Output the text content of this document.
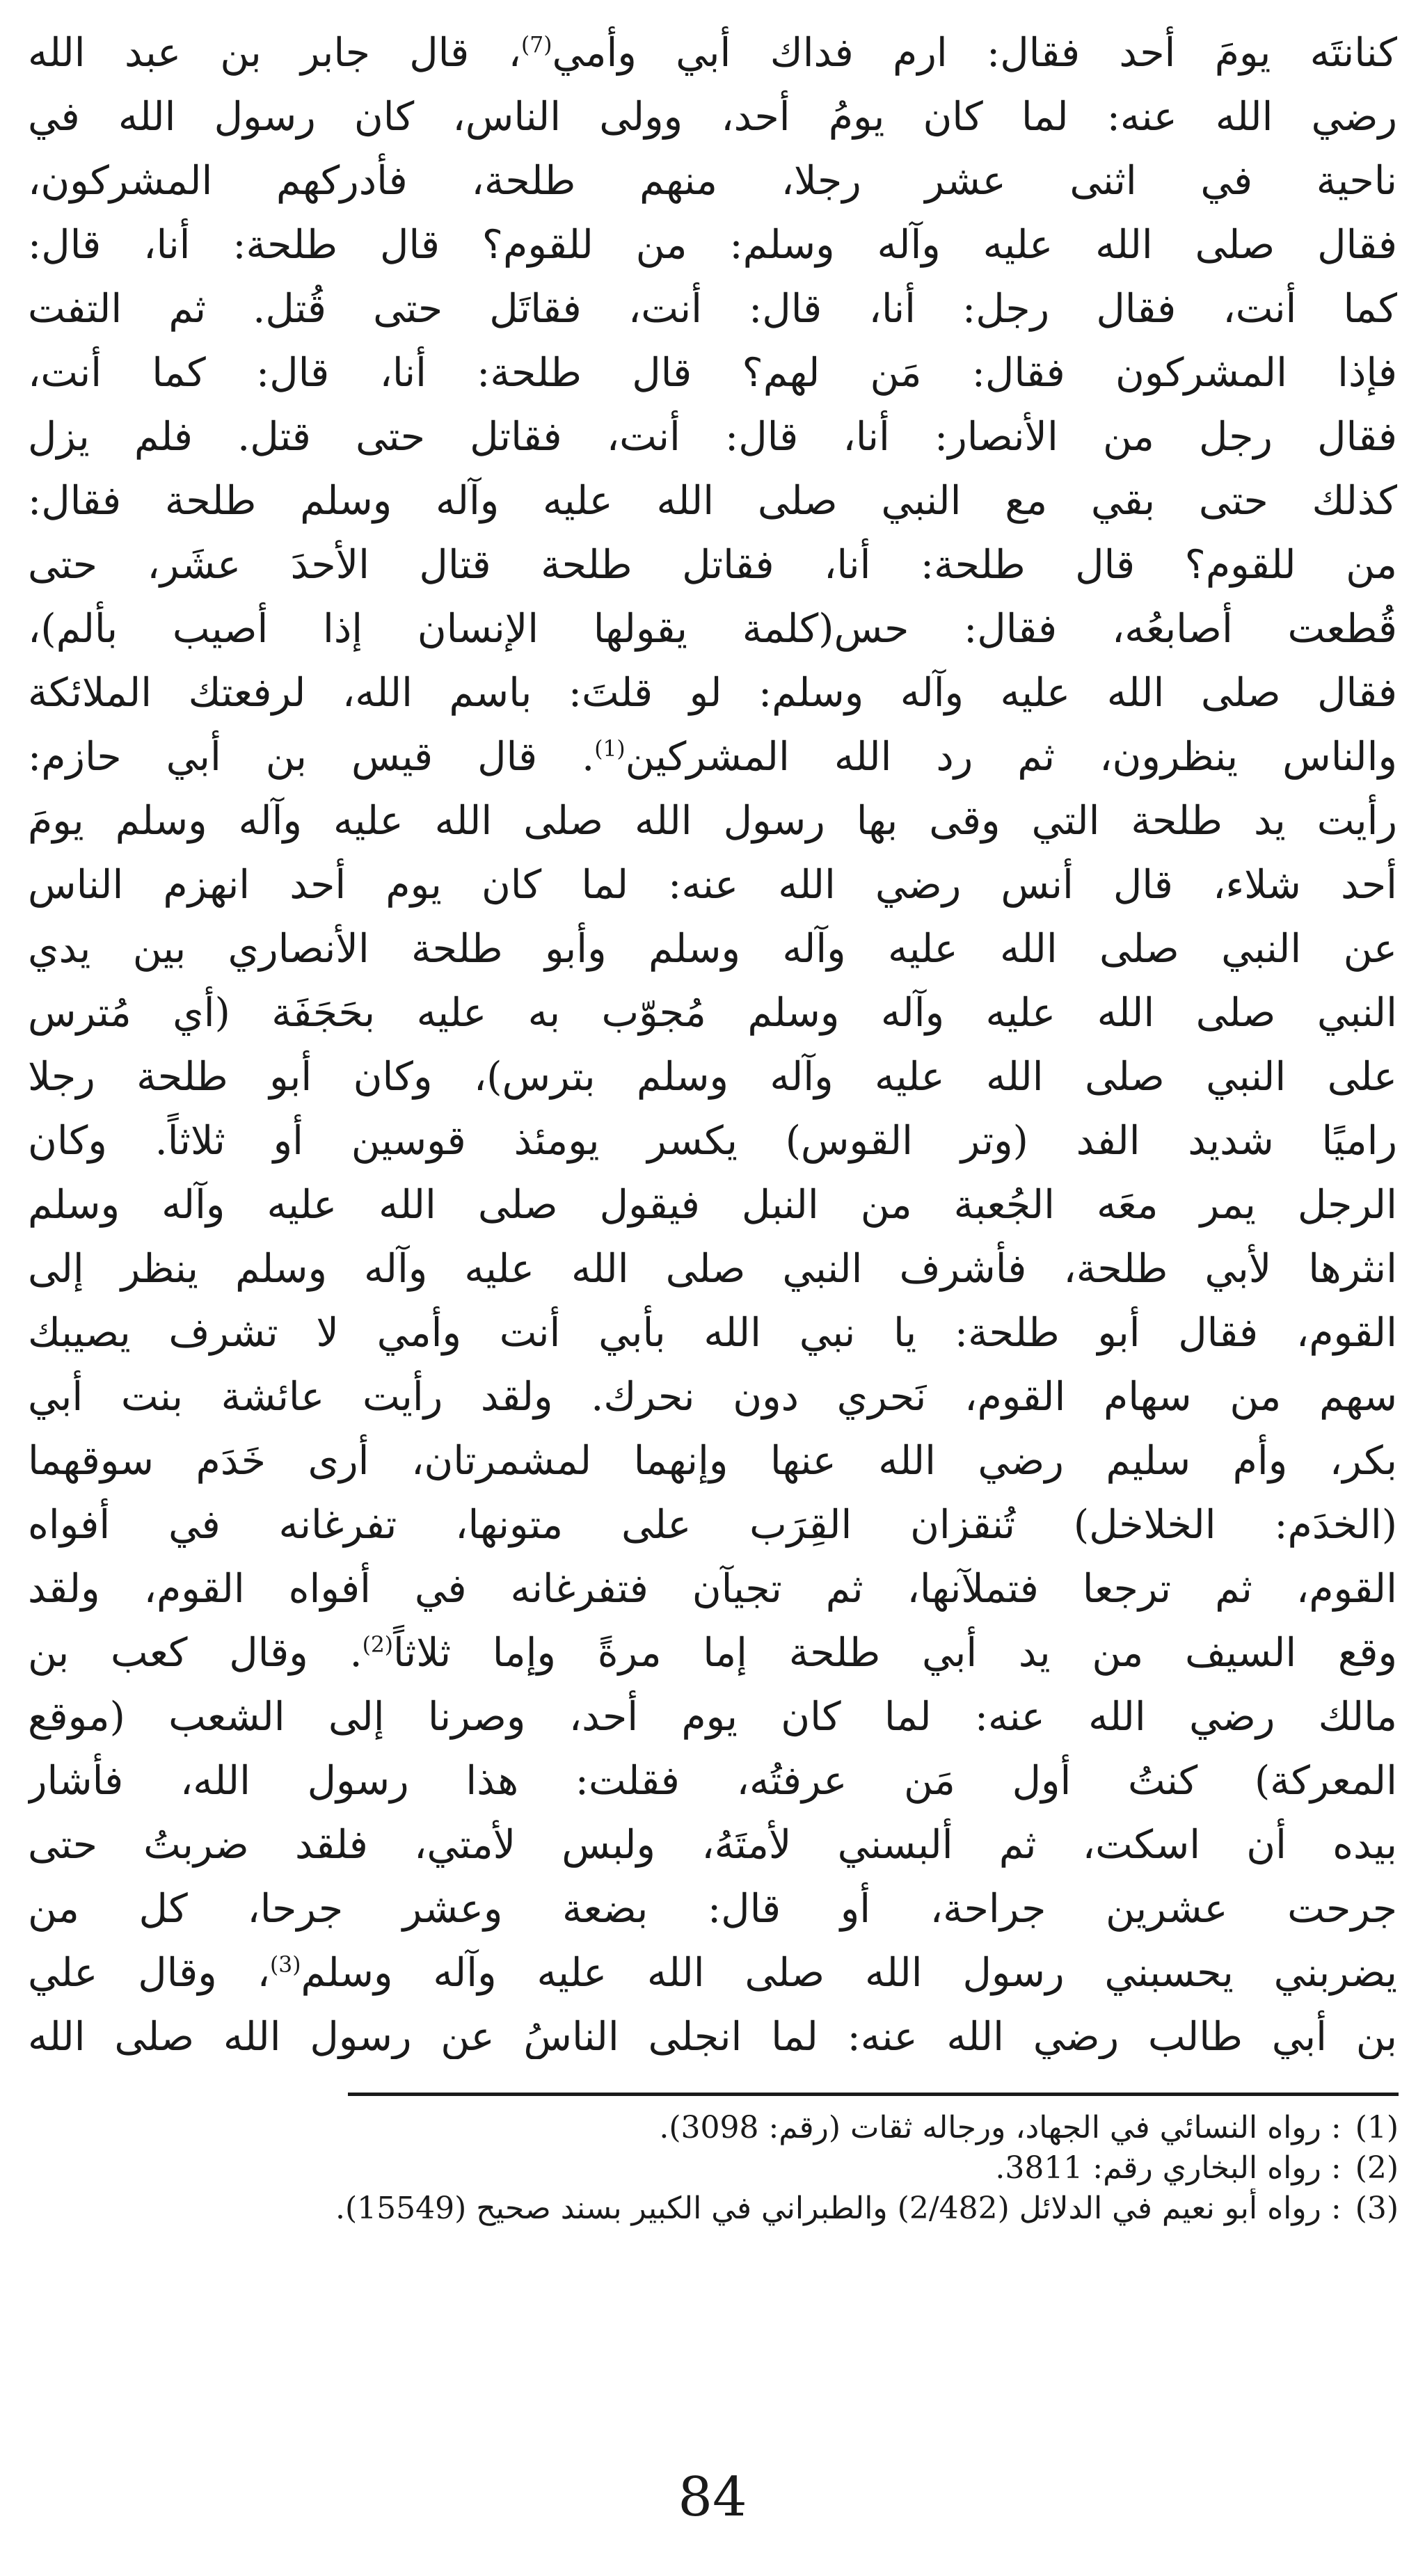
كنانتَه يومَ أحد فقال: ارم فداك أبي وأمي$^{(7)}$، قال جابر بن عبد الله
رضي الله عنه: لما كان يومُ أحد، وولى الناس، كان رسول الله في
ناحية في اثنى عشر رجلا، منهم طلحة، فأدركهم المشركون،
فقال صلى الله عليه وآله وسلم: من للقوم؟ قال طلحة: أنا، قال:
كما أنت، فقال رجل: أنا، قال: أنت، فقاتَل حتى قُتل. ثم التفت
فإذا المشركون فقال: مَن لهم؟ قال طلحة: أنا، قال: كما أنت،
فقال رجل من الأنصار: أنا، قال: أنت، فقاتل حتى قتل. فلم يزل
كذلك حتى بقي مع النبي صلى الله عليه وآله وسلم طلحة فقال:
من للقوم؟ قال طلحة: أنا، فقاتل طلحة قتال الأحدَ عشَر، حتى
قُطعت أصابعُه، فقال: حس(كلمة يقولها الإنسان إذا أصيب بألم)،
فقال صلى الله عليه وآله وسلم: لو قلتَ: باسم الله، لرفعتك الملائكة
والناس ينظرون، ثم رد الله المشركين$^{(1)}$. قال قيس بن أبي حازم:
رأيت يد طلحة التي وقى بها رسول الله صلى الله عليه وآله وسلم يومَ
أحد شلاء، قال أنس رضي الله عنه: لما كان يوم أحد انهزم الناس
عن النبي صلى الله عليه وآله وسلم وأبو طلحة الأنصاري بين يدي
النبي صلى الله عليه وآله وسلم مُجوّب به عليه بحَجَفَة (أي مُترس
على النبي صلى الله عليه وآله وسلم بترس)، وكان أبو طلحة رجلا
راميًا شديد الفد (وتر القوس) يكسر يومئذ قوسين أو ثلاثاً. وكان
الرجل يمر معَه الجُعبة من النبل فيقول صلى الله عليه وآله وسلم
انثرها لأبي طلحة، فأشرف النبي صلى الله عليه وآله وسلم ينظر إلى
القوم، فقال أبو طلحة: يا نبي الله بأبي أنت وأمي لا تشرف يصيبك
سهم من سهام القوم، نَحري دون نحرك. ولقد رأيت عائشة بنت أبي
بكر، وأم سليم رضي الله عنها وإنهما لمشمرتان، أرى خَدَم سوقهما
(الخدَم: الخلاخل) تُنقزان القِرَب على متونها، تفرغانه في أفواه
القوم، ثم ترجعا فتملآنها، ثم تجيآن فتفرغانه في أفواه القوم، ولقد
وقع السيف من يد أبي طلحة إما مرةً وإما ثلاثاً$^{(2)}$. وقال كعب بن
مالك رضي الله عنه: لما كان يوم أحد، وصرنا إلى الشعب (موقع
المعركة) كنتُ أول مَن عرفتُه، فقلت: هذا رسول الله، فأشار
بيده أن اسكت، ثم ألبسني لأمتَهُ، ولبس لأمتي، فلقد ضربتُ حتى
جرحت عشرين جراحة، أو قال: بضعة وعشر جرحا، كل من
يضربني يحسبني رسول الله صلى الله عليه وآله وسلم$^{(3)}$، وقال علي
بن أبي طالب رضي الله عنه: لما انجلى الناسُ عن رسول الله صلى الله
(1): رواه النسائي في الجهاد، ورجاله ثقات (رقم: 3098).
(2): رواه البخاري رقم: 3811.
(3): رواه أبو نعيم في الدلائل (2/482) والطبراني في الكبير بسند صحيح (15549).
84
